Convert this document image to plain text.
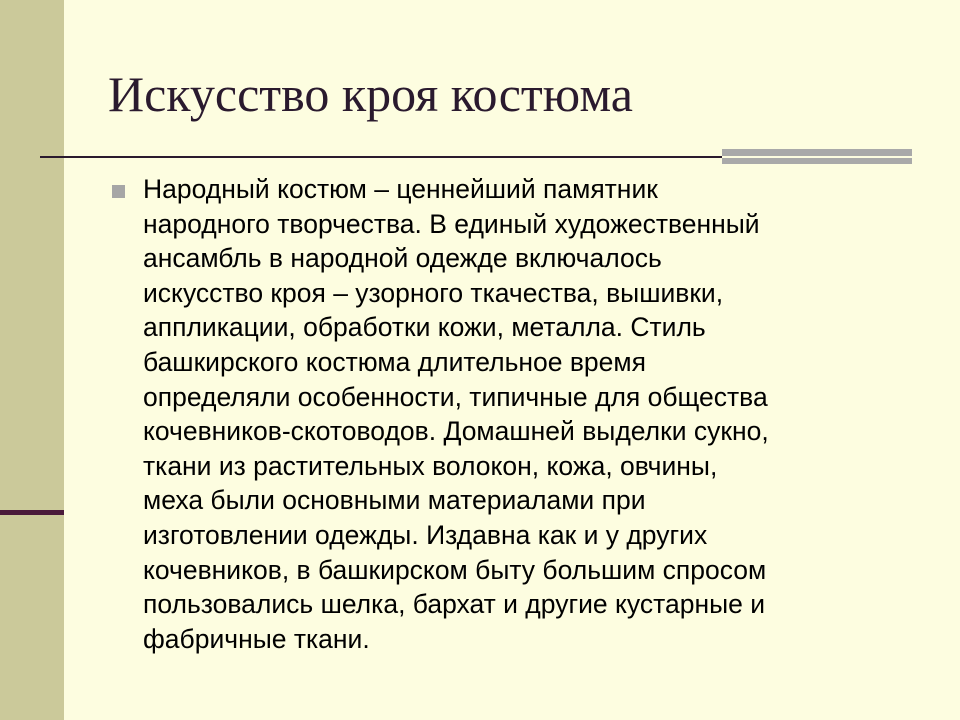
Искусство кроя костюма

Народный костюм – ценнейший памятник
народного творчества. В единый художественный
ансамбль в народной одежде включалось
искусство кроя – узорного ткачества, вышивки,
аппликации, обработки кожи, металла. Стиль
башкирского костюма длительное время
определяли особенности, типичные для общества
кочевников-скотоводов. Домашней выделки сукно,
ткани из растительных волокон, кожа, овчины,
меха были основными материалами при
изготовлении одежды. Издавна как и у других
кочевников, в башкирском быту большим спросом
пользовались шелка, бархат и другие кустарные и
фабричные ткани.
